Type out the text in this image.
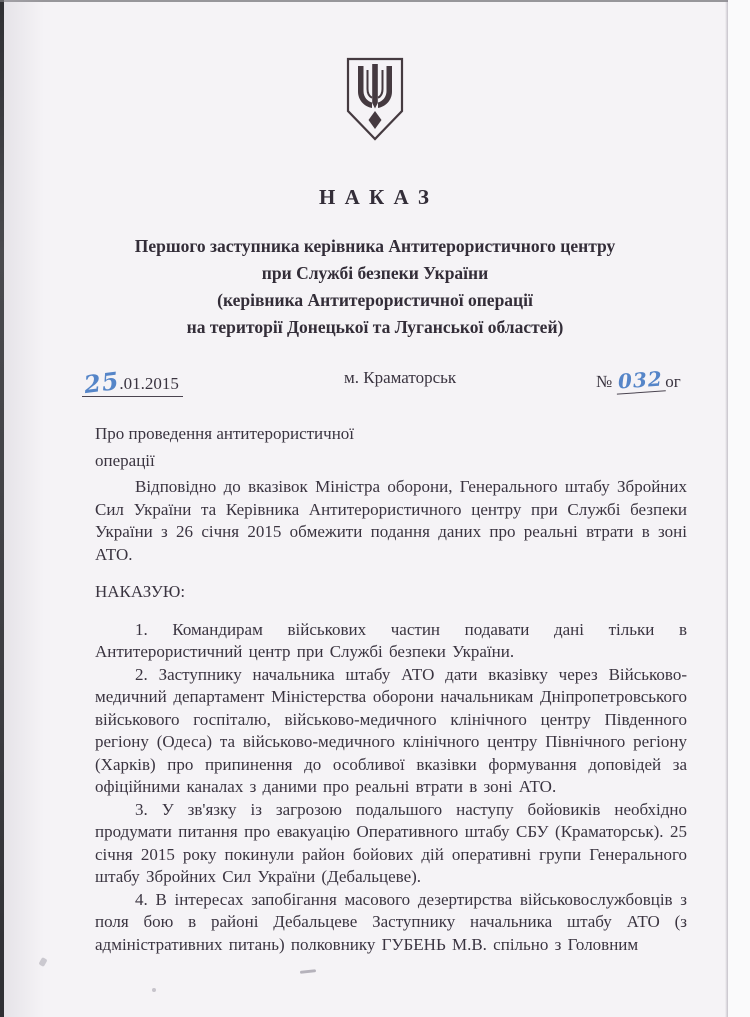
Н А К А З
Першого заступника керівника Антитерористичного центру
при Службі безпеки України
(керівника Антитерористичної операції
на території Донецької та Луганської областей)
25.01.2015	м. Краматорськ	№ 032ог
Про проведення антитерористичної
операції

Відповідно до вказівок Міністра оборони, Генерального штабу Збройних Сил України та Керівника Антитерористичного центру при Службі безпеки України з 26 січня 2015 обмежити подання даних про реальні втрати в зоні АТО.

НАКАЗУЮ:

1. Командирам військових частин подавати дані тільки в Антитерористичний центр при Службі безпеки України.

2. Заступнику начальника штабу АТО дати вказівку через Військово-медичний департамент Міністерства оборони начальникам Дніпропетровського військового госпіталю, військово-медичного клінічного центру Південного регіону (Одеса) та військово-медичного клінічного центру Північного регіону (Харків) про припинення до особливої вказівки формування доповідей за офіційними каналах з даними про реальні втрати в зоні АТО.

3. У зв'язку із загрозою подальшого наступу бойовиків необхідно продумати питання про евакуацію Оперативного штабу СБУ (Краматорськ). 25 січня 2015 року покинули район бойових дій оперативні групи Генерального штабу Збройних Сил України (Дебальцеве).

4. В інтересах запобігання масового дезертирства військовослужбовців з поля бою в районі Дебальцеве Заступнику начальника штабу АТО (з адміністративних питань) полковнику ГУБЕНЬ М.В. спільно з Головним
